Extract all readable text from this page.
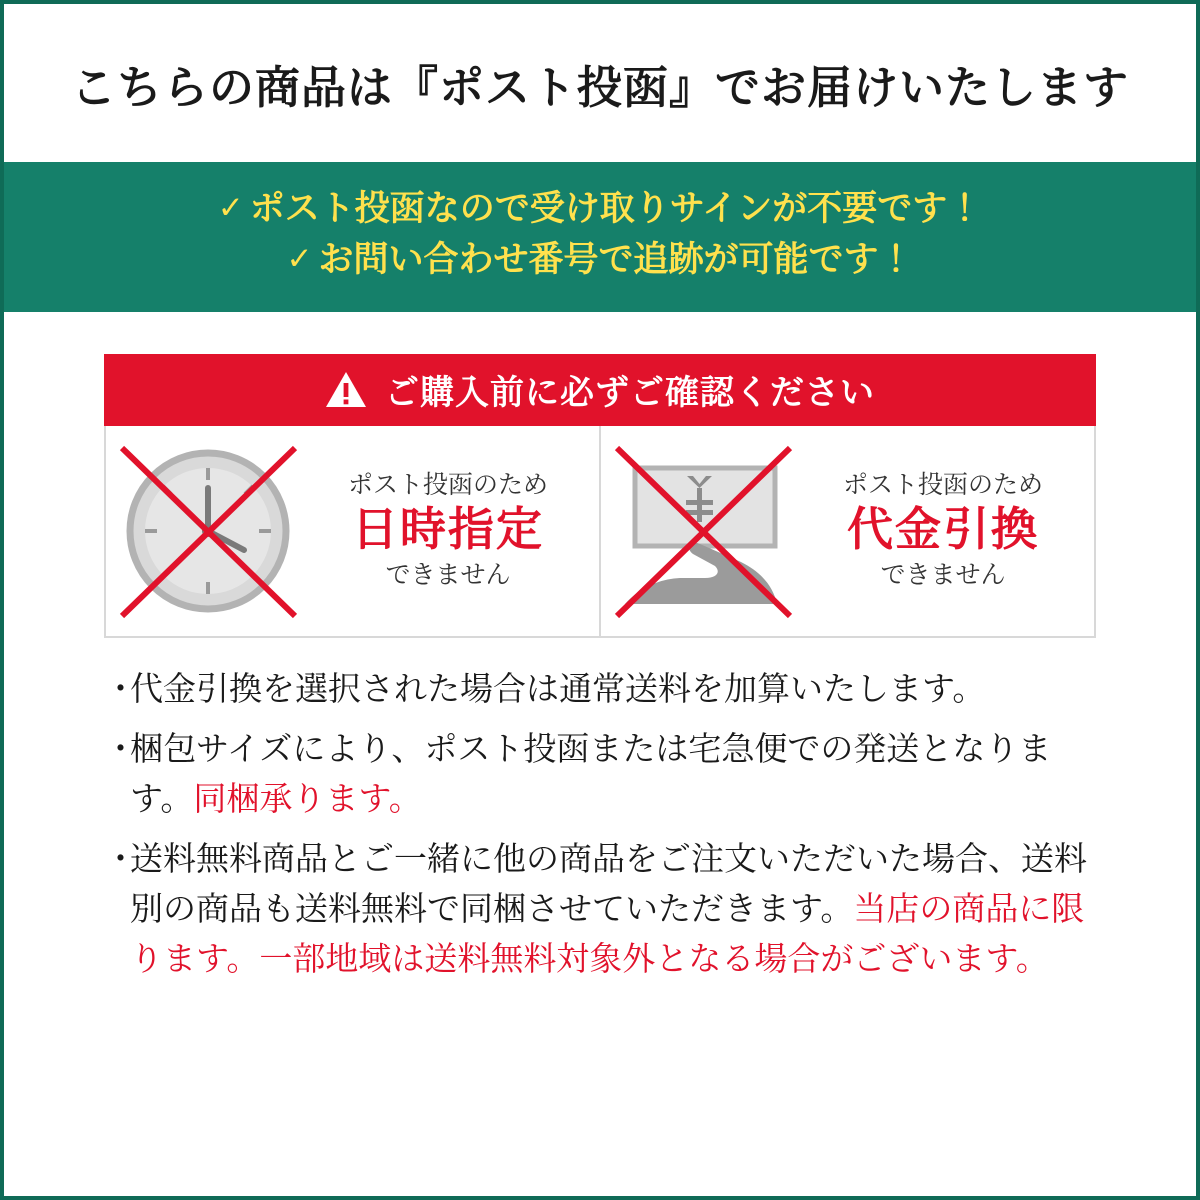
こちらの商品は『ポスト投函』でお届けいたします
✓ ポスト投函なので受け取りサインが不要です！
✓ お問い合わせ番号で追跡が可能です！
ご購入前に必ずご確認ください
ポスト投函のため
日時指定
できません
ポスト投函のため
代金引換
できません
・
代金引換を選択された場合は通常送料を加算いたします。
・
梱包サイズにより、ポスト投函または宅急便での発送となります。同梱承ります。
・
送料無料商品とご一緒に他の商品をご注文いただいた場合、送料別の商品も送料無料で同梱させていただきます。当店の商品に限ります。一部地域は送料無料対象外となる場合がございます。
